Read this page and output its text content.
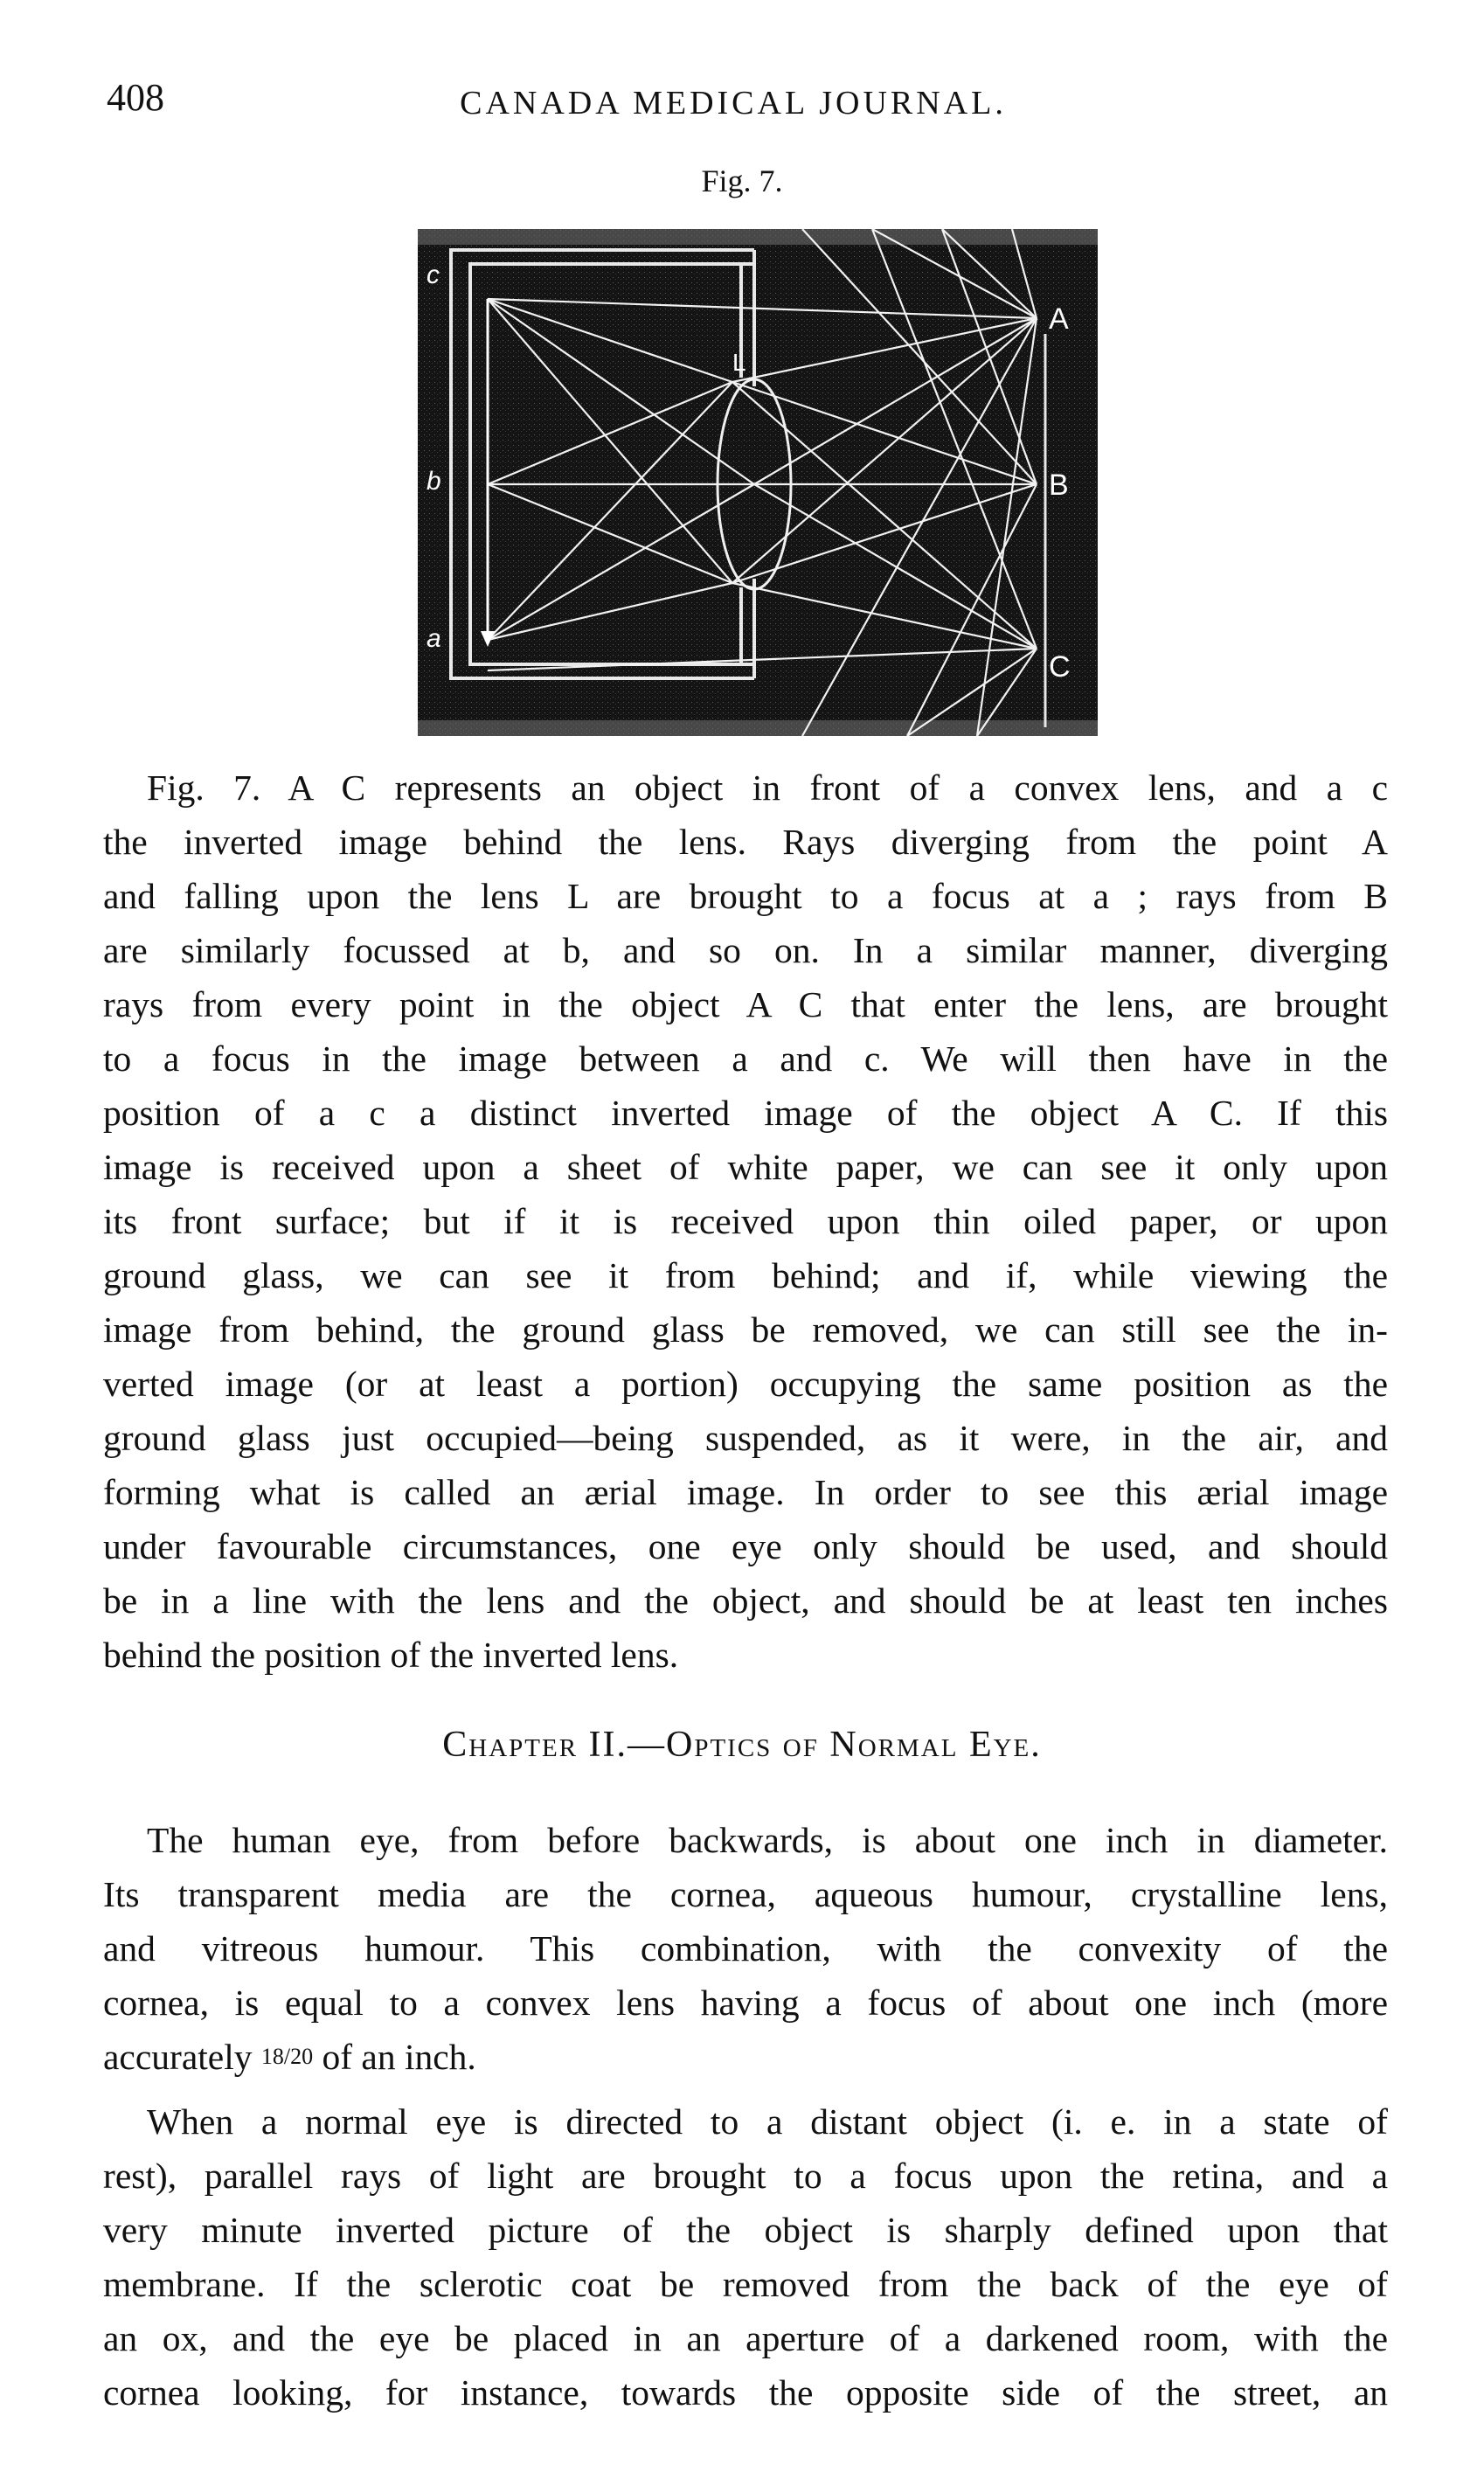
408	CANADA MEDICAL JOURNAL.
Fig. 7.
A
B
C
L
c
b
a
Fig. 7. A C represents an object in front of a convex lens, and a c
the inverted image behind the lens. Rays diverging from the point A
and falling upon the lens L are brought to a focus at a ; rays from B
are similarly focussed at b, and so on. In a similar manner, diverging
rays from every point in the object A C that enter the lens, are brought
to a focus in the image between a and c. We will then have in the
position of a c a distinct inverted image of the object A C. If this
image is received upon a sheet of white paper, we can see it only upon
its front surface; but if it is received upon thin oiled paper, or upon
ground glass, we can see it from behind; and if, while viewing the
image from behind, the ground glass be removed, we can still see the in-
verted image (or at least a portion) occupying the same position as the
ground glass just occupied—being suspended, as it were, in the air, and
forming what is called an ærial image. In order to see this ærial image
under favourable circumstances, one eye only should be used, and should
be in a line with the lens and the object, and should be at least ten inches
behind the position of the inverted lens.
Chapter II.—Optics of Normal Eye.
The human eye, from before backwards, is about one inch in diameter.
Its transparent media are the cornea, aqueous humour, crystalline lens,
and vitreous humour. This combination, with the convexity of the
cornea, is equal to a convex lens having a focus of about one inch (more
accurately 18/20 of an inch.
When a normal eye is directed to a distant object (i. e. in a state of
rest), parallel rays of light are brought to a focus upon the retina, and a
very minute inverted picture of the object is sharply defined upon that
membrane. If the sclerotic coat be removed from the back of the eye of
an ox, and the eye be placed in an aperture of a darkened room, with the
cornea looking, for instance, towards the opposite side of the street, an
